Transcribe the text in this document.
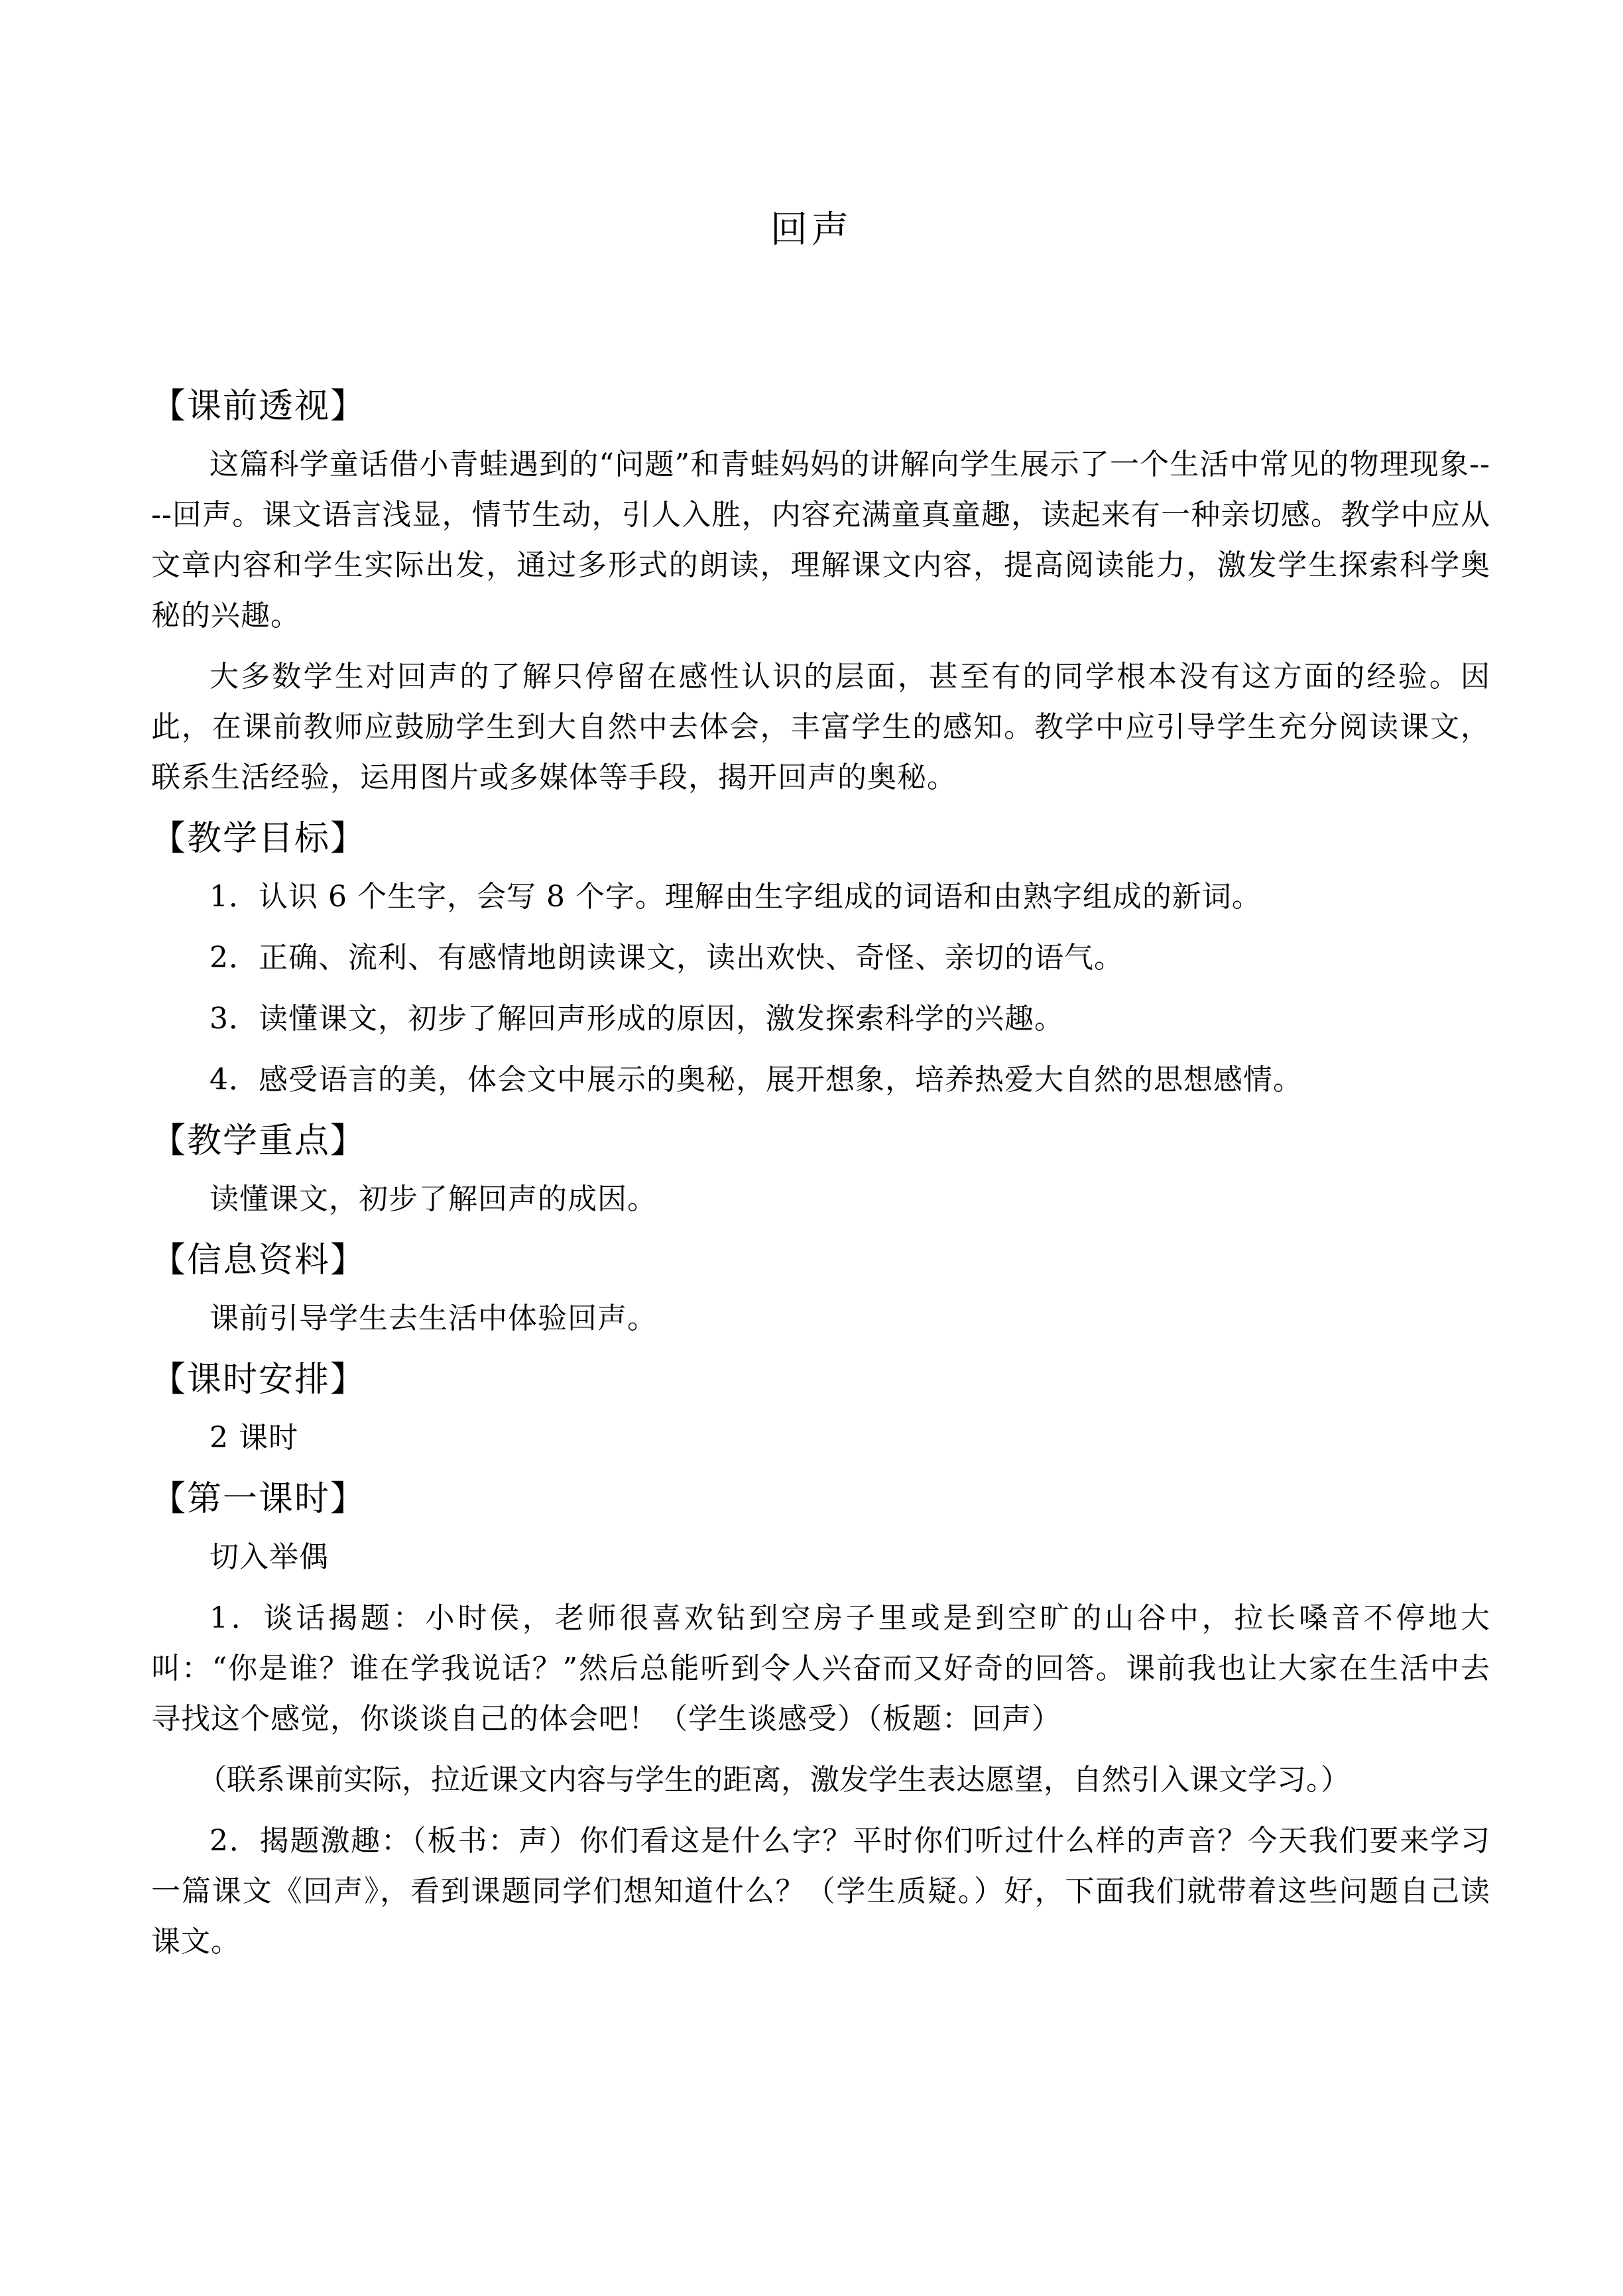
回声
【课前透视】

这篇科学童话借小青蛙遇到的“问题”和青蛙妈妈的讲解向学生展示了一个生活中常见的物理现象----回声。课文语言浅显，情节生动，引人入胜，内容充满童真童趣，读起来有一种亲切感。教学中应从文章内容和学生实际出发，通过多形式的朗读，理解课文内容，提高阅读能力，激发学生探索科学奥秘的兴趣。

大多数学生对回声的了解只停留在感性认识的层面，甚至有的同学根本没有这方面的经验。因此，在课前教师应鼓励学生到大自然中去体会，丰富学生的感知。教学中应引导学生充分阅读课文，联系生活经验，运用图片或多媒体等手段，揭开回声的奥秘。

【教学目标】

1．认识 6 个生字，会写 8 个字。理解由生字组成的词语和由熟字组成的新词。

2．正确、流利、有感情地朗读课文，读出欢快、奇怪、亲切的语气。

3．读懂课文，初步了解回声形成的原因，激发探索科学的兴趣。

4．感受语言的美，体会文中展示的奥秘，展开想象，培养热爱大自然的思想感情。

【教学重点】

读懂课文，初步了解回声的成因。

【信息资料】

课前引导学生去生活中体验回声。

【课时安排】

2 课时

【第一课时】

切入举偶

1．谈话揭题：小时侯，老师很喜欢钻到空房子里或是到空旷的山谷中，拉长嗓音不停地大叫：“你是谁？谁在学我说话？”然后总能听到令人兴奋而又好奇的回答。课前我也让大家在生活中去寻找这个感觉，你谈谈自己的体会吧！（学生谈感受）（板题：回声）

（联系课前实际，拉近课文内容与学生的距离，激发学生表达愿望，自然引入课文学习。）

2．揭题激趣：（板书：声）你们看这是什么字？平时你们听过什么样的声音？今天我们要来学习一篇课文《回声》，看到课题同学们想知道什么？（学生质疑。）好，下面我们就带着这些问题自己读课文。
